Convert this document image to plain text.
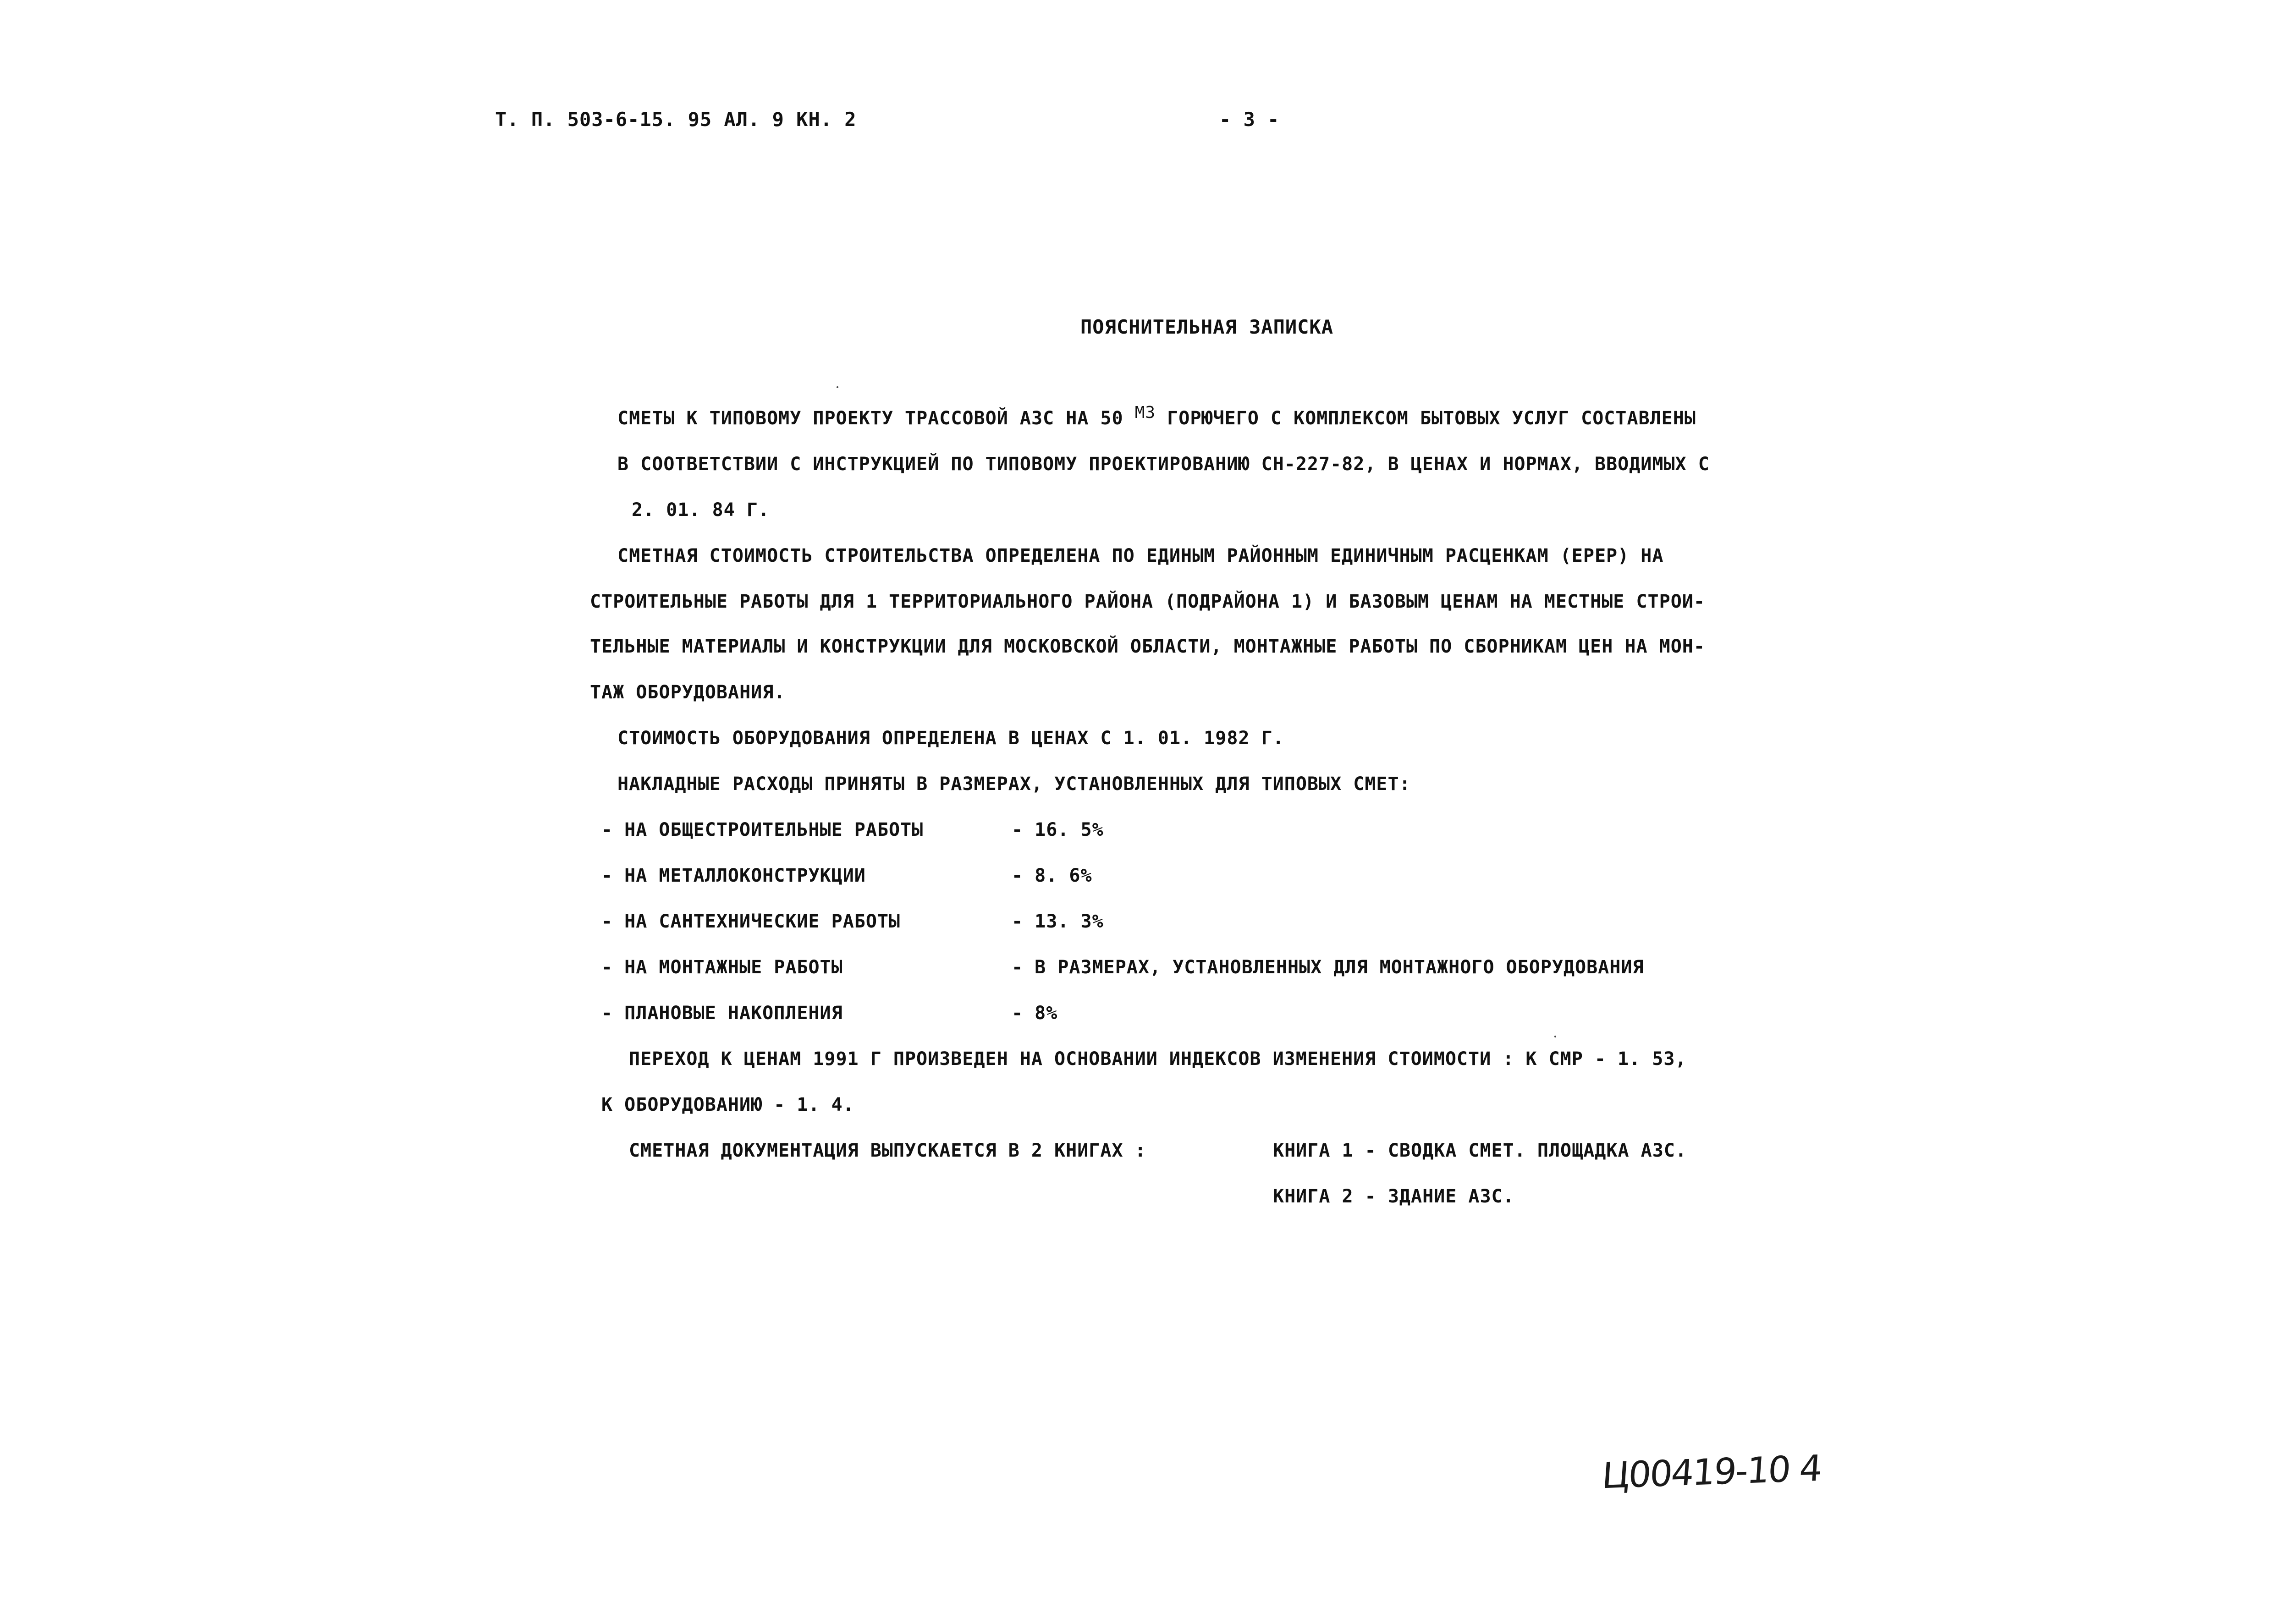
Т. П. 503-6-15. 95 АЛ. 9 КН. 2	- 3 -
ПОЯСНИТЕЛЬНАЯ ЗАПИСКА
СМЕТЫ К ТИПОВОМУ ПРОЕКТУ ТРАССОВОЙ АЗС НА 50 М3 ГОРЮЧЕГО С КОМПЛЕКСОМ БЫТОВЫХ УСЛУГ СОСТАВЛЕНЫ
В СООТВЕТСТВИИ С ИНСТРУКЦИЕЙ ПО ТИПОВОМУ ПРОЕКТИРОВАНИЮ СН-227-82, В ЦЕНАХ И НОРМАХ, ВВОДИМЫХ С
2. 01. 84 Г.
СМЕТНАЯ СТОИМОСТЬ СТРОИТЕЛЬСТВА ОПРЕДЕЛЕНА ПО ЕДИНЫМ РАЙОННЫМ ЕДИНИЧНЫМ РАСЦЕНКАМ (ЕРЕР) НА
СТРОИТЕЛЬНЫЕ РАБОТЫ ДЛЯ 1 ТЕРРИТОРИАЛЬНОГО РАЙОНА (ПОДРАЙОНА 1) И БАЗОВЫМ ЦЕНАМ НА МЕСТНЫЕ СТРОИ-
ТЕЛЬНЫЕ МАТЕРИАЛЫ И КОНСТРУКЦИИ ДЛЯ МОСКОВСКОЙ ОБЛАСТИ, МОНТАЖНЫЕ РАБОТЫ ПО СБОРНИКАМ ЦЕН НА МОН-
ТАЖ ОБОРУДОВАНИЯ.
СТОИМОСТЬ ОБОРУДОВАНИЯ ОПРЕДЕЛЕНА В ЦЕНАХ С 1. 01. 1982 Г.
НАКЛАДНЫЕ РАСХОДЫ ПРИНЯТЫ В РАЗМЕРАХ, УСТАНОВЛЕННЫХ ДЛЯ ТИПОВЫХ СМЕТ:
- НА ОБЩЕСТРОИТЕЛЬНЫЕ РАБОТЫ	- 16. 5%
- НА МЕТАЛЛОКОНСТРУКЦИИ	- 8. 6%
- НА САНТЕХНИЧЕСКИЕ РАБОТЫ	- 13. 3%
- НА МОНТАЖНЫЕ РАБОТЫ	- В РАЗМЕРАХ, УСТАНОВЛЕННЫХ ДЛЯ МОНТАЖНОГО ОБОРУДОВАНИЯ
- ПЛАНОВЫЕ НАКОПЛЕНИЯ	- 8%
ПЕРЕХОД К ЦЕНАМ 1991 Г ПРОИЗВЕДЕН НА ОСНОВАНИИ ИНДЕКСОВ ИЗМЕНЕНИЯ СТОИМОСТИ : К СМР - 1. 53,
К ОБОРУДОВАНИЮ - 1. 4.
СМЕТНАЯ ДОКУМЕНТАЦИЯ ВЫПУСКАЕТСЯ В 2 КНИГАХ :	КНИГА 1 - СВОДКА СМЕТ. ПЛОЩАДКА АЗС.
КНИГА 2 - ЗДАНИЕ АЗС.
Ц00419-10 4
